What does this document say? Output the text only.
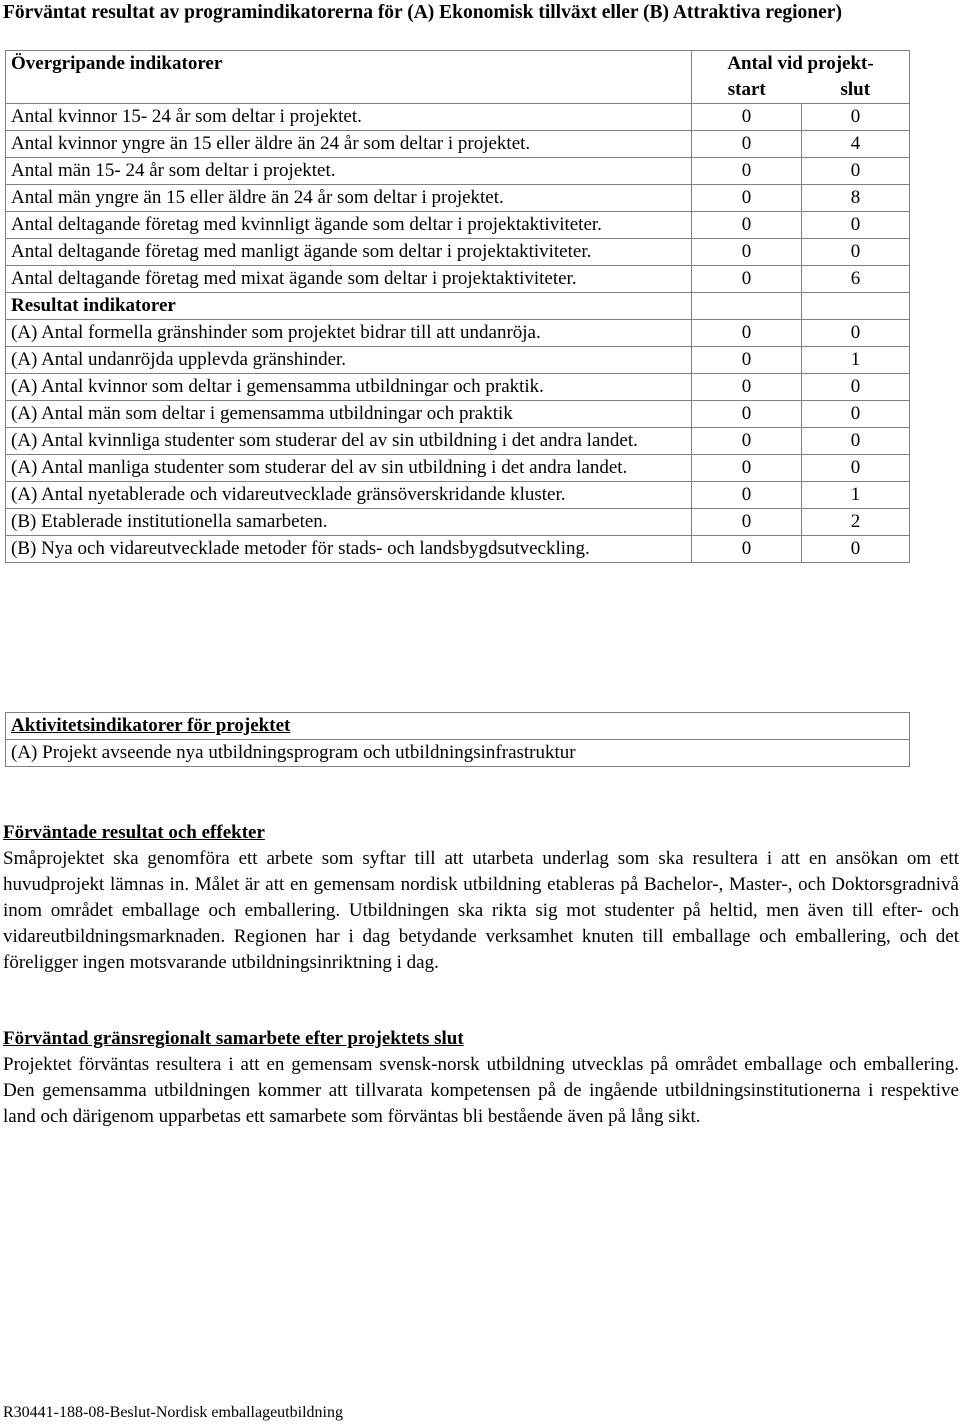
Förväntat resultat av programindikatorerna för (A) Ekonomisk tillväxt eller (B) Attraktiva regioner)
Övergripande indikatorer	Antal vid projekt-	
	start	slut
Antal kvinnor 15- 24 år som deltar i projektet.	0	0
Antal kvinnor yngre än 15 eller äldre än 24 år som deltar i projektet.	0	4
Antal män 15- 24 år som deltar i projektet.	0	0
Antal män yngre än 15 eller äldre än 24 år som deltar i projektet.	0	8
Antal deltagande företag med kvinnligt ägande som deltar i projektaktiviteter.	0	0
Antal deltagande företag med manligt ägande som deltar i projektaktiviteter.	0	0
Antal deltagande företag med mixat ägande som deltar i projektaktiviteter.	0	6
Resultat indikatorer		
(A) Antal formella gränshinder som projektet bidrar till att undanröja.	0	0
(A) Antal undanröjda upplevda gränshinder.	0	1
(A) Antal kvinnor som deltar i gemensamma utbildningar och praktik.	0	0
(A) Antal män som deltar i gemensamma utbildningar och praktik	0	0
(A) Antal kvinnliga studenter som studerar del av sin utbildning i det andra landet.	0	0
(A) Antal manliga studenter som studerar del av sin utbildning i det andra landet.	0	0
(A) Antal nyetablerade och vidareutvecklade gränsöverskridande kluster.	0	1
(B) Etablerade institutionella samarbeten.	0	2
(B) Nya och vidareutvecklade metoder för stads- och landsbygdsutveckling.	0	0
Aktivitetsindikatorer för projektet
(A) Projekt avseende nya utbildningsprogram och utbildningsinfrastruktur
Förväntade resultat och effekter

Småprojektet ska genomföra ett arbete som syftar till att utarbeta underlag som ska resultera i att en ansökan om ett huvudprojekt lämnas in. Målet är att en gemensam nordisk utbildning etableras på Bachelor-, Master-, och Doktorsgradnivå inom området emballage och emballering. Utbildningen ska rikta sig mot studenter på heltid, men även till efter- och vidareutbildningsmarknaden. Regionen har i dag betydande verksamhet knuten till emballage och emballering, och det föreligger ingen motsvarande utbildningsinriktning i dag.

Förväntad gränsregionalt samarbete efter projektets slut

Projektet förväntas resultera i att en gemensam svensk-norsk utbildning utvecklas på området emballage och emballering. Den gemensamma utbildningen kommer att tillvarata kompetensen på de ingående utbildningsinstitutionerna i respektive land och därigenom upparbetas ett samarbete som förväntas bli bestående även på lång sikt.

R30441-188-08-Beslut-Nordisk emballageutbildning
